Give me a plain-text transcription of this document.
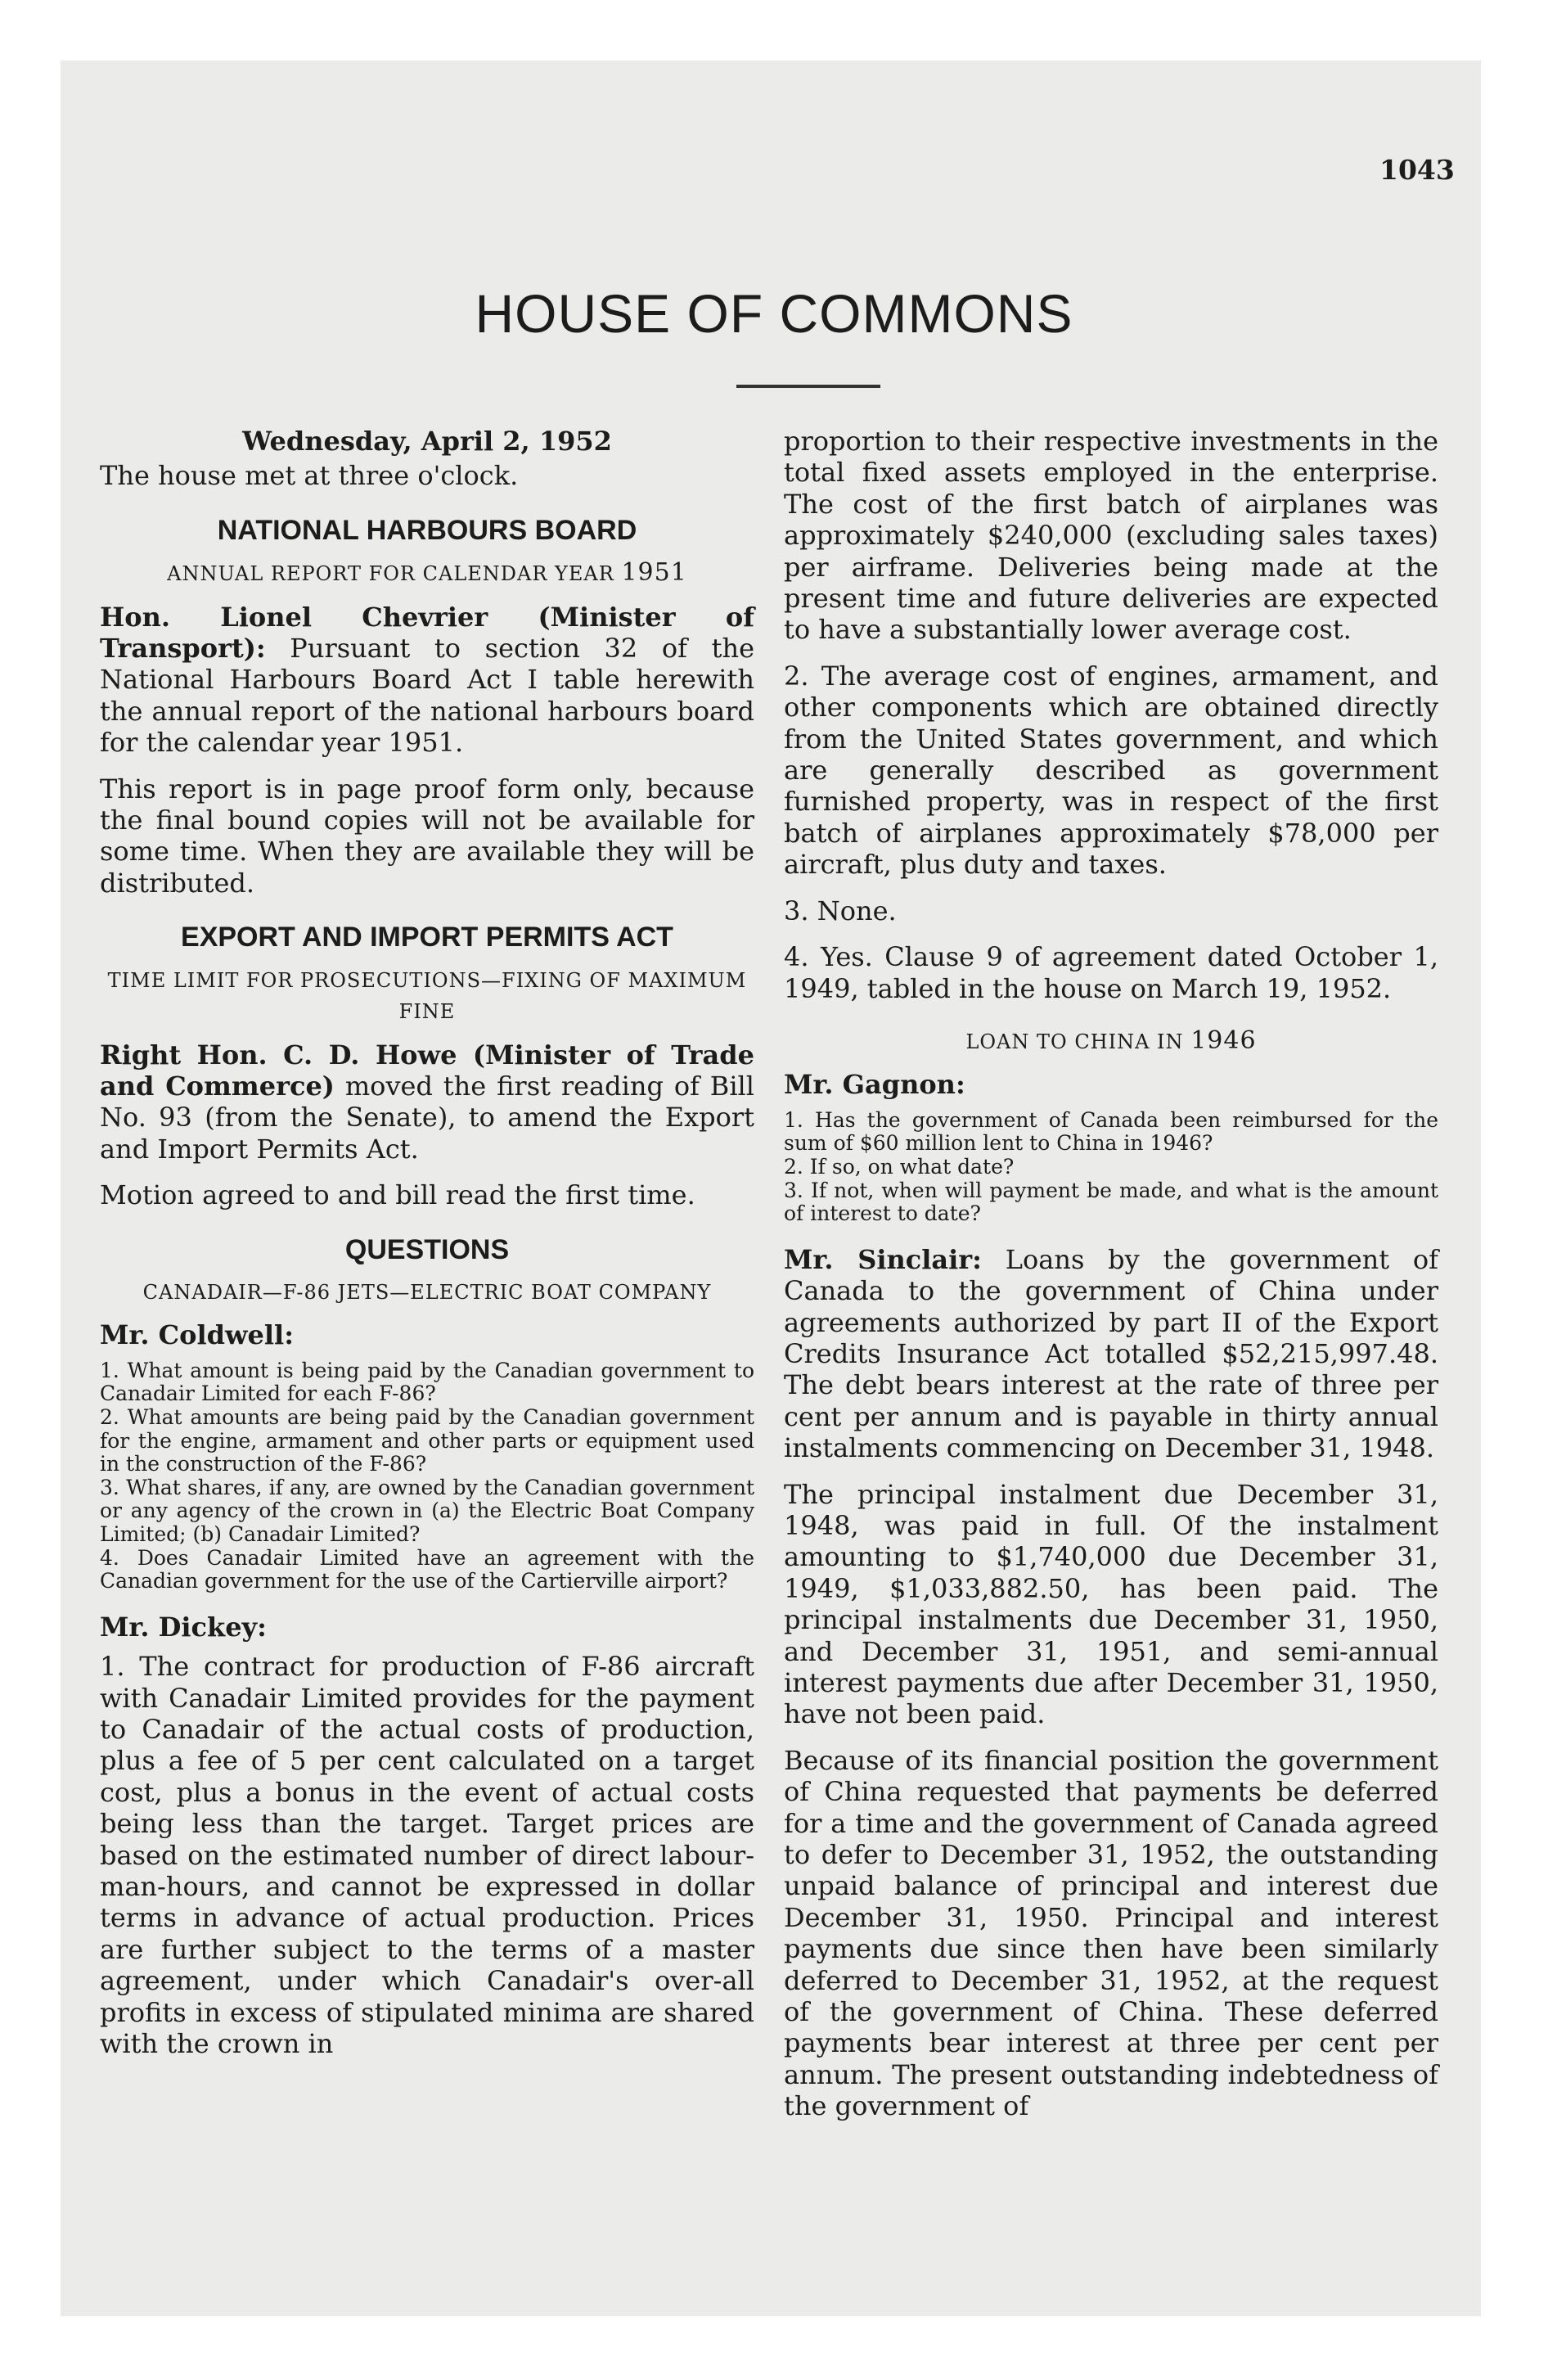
1043

HOUSE OF COMMONS

Wednesday, April 2, 1952

The house met at three o'clock.

NATIONAL HARBOURS BOARD

ANNUAL REPORT FOR CALENDAR YEAR 1951

Hon. Lionel Chevrier (Minister of Transport): Pursuant to section 32 of the National Harbours Board Act I table herewith the annual report of the national harbours board for the calendar year 1951.

This report is in page proof form only, because the final bound copies will not be available for some time. When they are available they will be distributed.

EXPORT AND IMPORT PERMITS ACT

TIME LIMIT FOR PROSECUTIONS—FIXING OF MAXIMUM FINE

Right Hon. C. D. Howe (Minister of Trade and Commerce) moved the first reading of Bill No. 93 (from the Senate), to amend the Export and Import Permits Act.

Motion agreed to and bill read the first time.

QUESTIONS

CANADAIR—F-86 JETS—ELECTRIC BOAT COMPANY

Mr. Coldwell:

1. What amount is being paid by the Canadian government to Canadair Limited for each F-86?

2. What amounts are being paid by the Canadian government for the engine, armament and other parts or equipment used in the construction of the F-86?

3. What shares, if any, are owned by the Canadian government or any agency of the crown in (a) the Electric Boat Company Limited; (b) Canadair Limited?

4. Does Canadair Limited have an agreement with the Canadian government for the use of the Cartierville airport?

Mr. Dickey:

1. The contract for production of F-86 aircraft with Canadair Limited provides for the payment to Canadair of the actual costs of production, plus a fee of 5 per cent calculated on a target cost, plus a bonus in the event of actual costs being less than the target. Target prices are based on the estimated number of direct labour-man-hours, and cannot be expressed in dollar terms in advance of actual production. Prices are further subject to the terms of a master agreement, under which Canadair's over-all profits in excess of stipulated minima are shared with the crown in

proportion to their respective investments in the total fixed assets employed in the enterprise. The cost of the first batch of airplanes was approximately $240,000 (excluding sales taxes) per airframe. Deliveries being made at the present time and future deliveries are expected to have a substantially lower average cost.

2. The average cost of engines, armament, and other components which are obtained directly from the United States government, and which are generally described as government furnished property, was in respect of the first batch of airplanes approximately $78,000 per aircraft, plus duty and taxes.

3. None.

4. Yes. Clause 9 of agreement dated October 1, 1949, tabled in the house on March 19, 1952.

LOAN TO CHINA IN 1946

Mr. Gagnon:

1. Has the government of Canada been reimbursed for the sum of $60 million lent to China in 1946?

2. If so, on what date?

3. If not, when will payment be made, and what is the amount of interest to date?

Mr. Sinclair: Loans by the government of Canada to the government of China under agreements authorized by part II of the Export Credits Insurance Act totalled $52,215,997.48. The debt bears interest at the rate of three per cent per annum and is payable in thirty annual instalments commencing on December 31, 1948.

The principal instalment due December 31, 1948, was paid in full. Of the instalment amounting to $1,740,000 due December 31, 1949, $1,033,882.50, has been paid. The principal instalments due December 31, 1950, and December 31, 1951, and semi-annual interest payments due after December 31, 1950, have not been paid.

Because of its financial position the government of China requested that payments be deferred for a time and the government of Canada agreed to defer to December 31, 1952, the outstanding unpaid balance of principal and interest due December 31, 1950. Principal and interest payments due since then have been similarly deferred to December 31, 1952, at the request of the government of China. These deferred payments bear interest at three per cent per annum. The present outstanding indebtedness of the government of
